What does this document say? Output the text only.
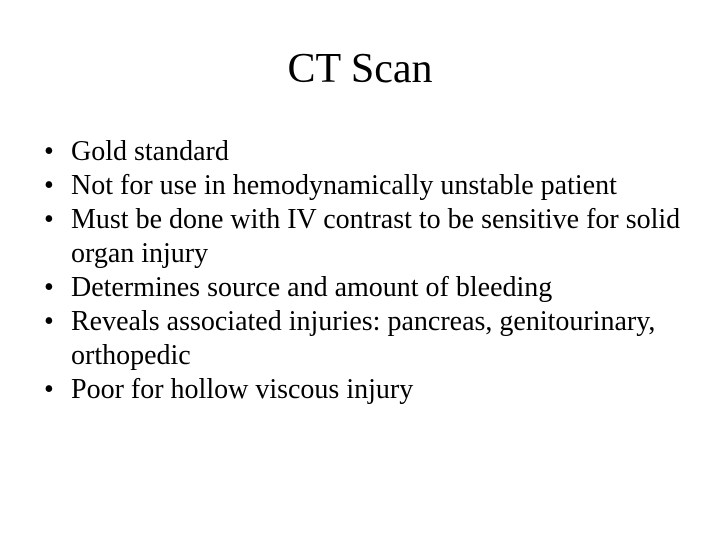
CT Scan
• Gold standard
• Not for use in hemodynamically unstable patient
• Must be done with IV contrast to be sensitive for solid organ injury
• Determines source and amount of bleeding
• Reveals associated injuries: pancreas, genitourinary, orthopedic
• Poor for hollow viscous injury
